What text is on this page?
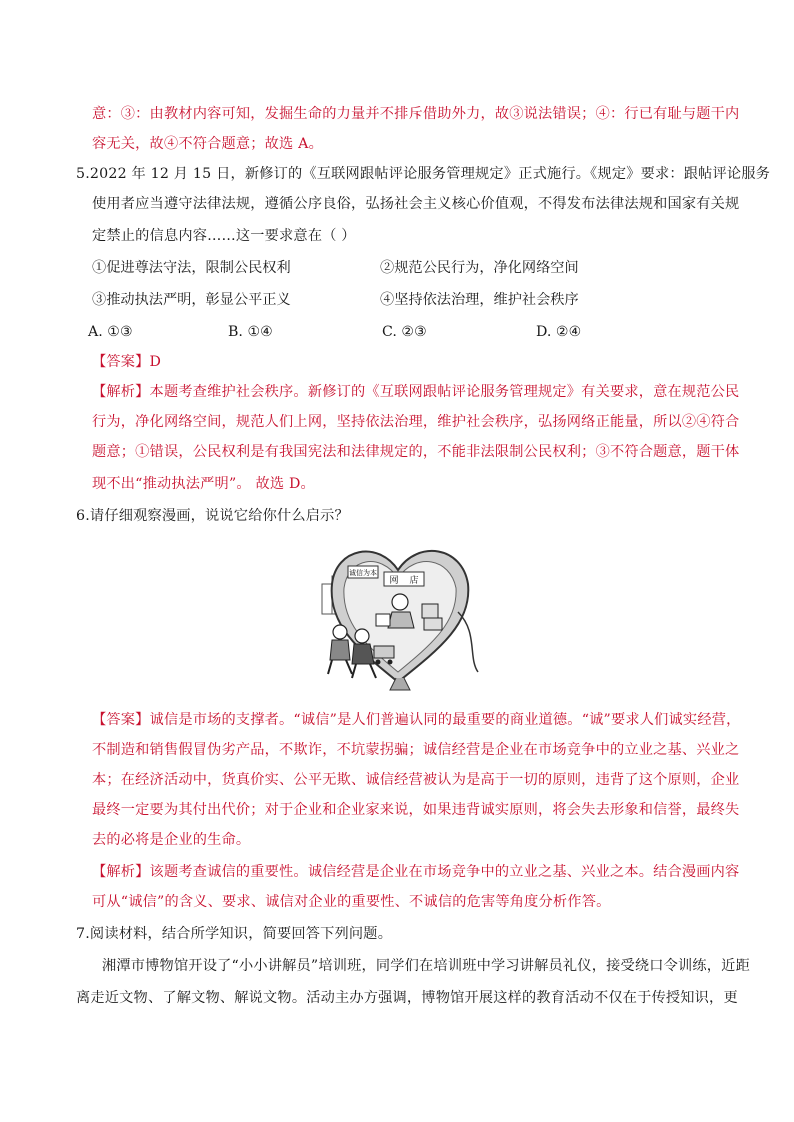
意：③：由教材内容可知，发掘生命的力量并不排斥借助外力，故③说法错误；④：行已有耻与题干内
容无关，故④不符合题意；故选 A。
5.2022 年 12 月 15 日，新修订的《互联网跟帖评论服务管理规定》正式施行。《规定》要求：跟帖评论服务
使用者应当遵守法律法规，遵循公序良俗，弘扬社会主义核心价值观，不得发布法律法规和国家有关规
定禁止的信息内容……这一要求意在（ ）
①促进尊法守法，限制公民权利	②规范公民行为，净化网络空间
③推动执法严明，彰显公平正义	④坚持依法治理，维护社会秩序
A. ①③	B. ①④	C. ②③	D. ②④
【答案】D
【解析】本题考查维护社会秩序。新修订的《互联网跟帖评论服务管理规定》有关要求，意在规范公民
行为，净化网络空间，规范人们上网，坚持依法治理，维护社会秩序，弘扬网络正能量，所以②④符合
题意；①错误，公民权利是有我国宪法和法律规定的，不能非法限制公民权利；③不符合题意，题干体
现不出“推动执法严明”。 故选 D。
6.请仔细观察漫画，说说它给你什么启示？
诚信为本
网 店
【答案】诚信是市场的支撑者。“诚信”是人们普遍认同的最重要的商业道德。“诚”要求人们诚实经营，
不制造和销售假冒伪劣产品，不欺诈，不坑蒙拐骗；诚信经营是企业在市场竞争中的立业之基、兴业之
本；在经济活动中，货真价实、公平无欺、诚信经营被认为是高于一切的原则，违背了这个原则，企业
最终一定要为其付出代价；对于企业和企业家来说，如果违背诚实原则，将会失去形象和信誉，最终失
去的必将是企业的生命。
【解析】该题考查诚信的重要性。诚信经营是企业在市场竞争中的立业之基、兴业之本。结合漫画内容
可从“诚信”的含义、要求、诚信对企业的重要性、不诚信的危害等角度分析作答。
7.阅读材料，结合所学知识，简要回答下列问题。
湘潭市博物馆开设了“小小讲解员”培训班，同学们在培训班中学习讲解员礼仪，接受绕口令训练，近距
离走近文物、了解文物、解说文物。活动主办方强调，博物馆开展这样的教育活动不仅在于传授知识，更
